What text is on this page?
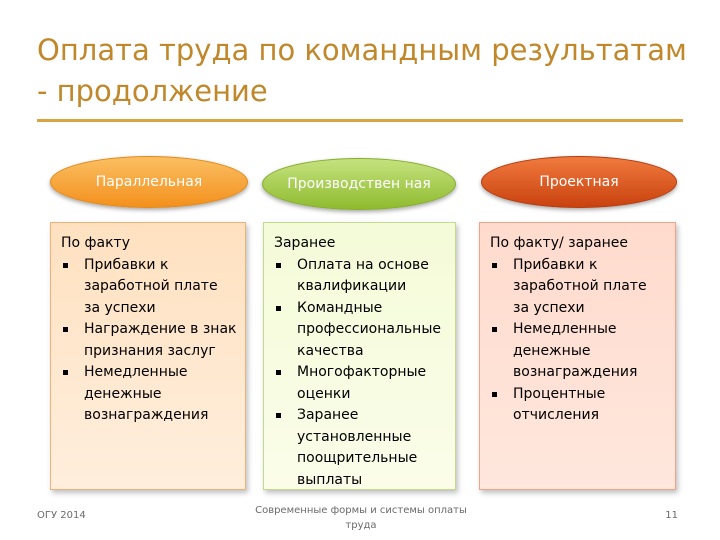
Оплата труда по командным результатам - продолжение
Параллельная	Производствен ная	Проектная
По факту
Прибавки к заработной плате за успехи
Награждение в знак признания заслуг
Немедленные денежные вознаграждения
Заранее
Оплата на основе квалификации
Командные профессиональные качества
Многофакторные оценки
Заранее установленные поощрительные выплаты
По факту/ заранее
Прибавки к заработной плате за успехи
Немедленные денежные вознаграждения
Процентные отчисления
ОГУ 2014	Современные формы и системы оплаты труда
11
